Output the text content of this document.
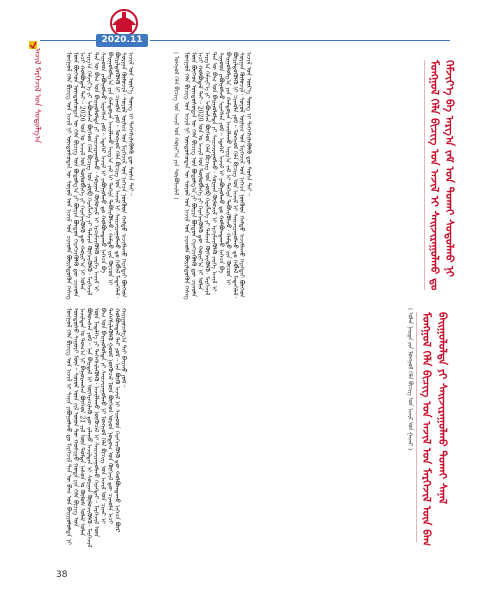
2020.11
ᠠᠵᠢᠯ ᠮᠡᠷᠭᠡᠵᠢᠯ ᠤᠨ ᠰᠤᠳᠤᠯᠭ᠎ᠠ	ᠮᠣᠩᠭᠣᠯ ᠬᠡᠯᠡ ᠪᠢᠴᠢᠭ ᠤᠨ ᠠᠵᠢᠯ ᠨᠢ ᠦᠨᠳᠦᠰᠦᠲᠡᠨ ᠦ ᠰᠣᠶᠣᠯ ᠤᠨ ᠠᠵᠢᠯ ᠤᠨ ᠴᠢᠬᠤᠯᠠ ᠪᠦᠷᠢᠯᠳᠦᠬᠦᠨ ᠬᠡᠰᠡᠭ ᠮᠥᠨ ᠪᠥᠭᠡᠳ ᠦᠨᠳᠦᠰᠦᠲᠡᠨ ᠦ ᠬᠡᠯᠡ ᠪᠢᠴᠢᠭ ᠤᠨ ᠪᠣᠳᠤᠯᠭ᠎ᠠ ᠶᠢ ᠪᠦᠷᠢᠨ ᠪᠦᠲᠦᠨ ᠬᠡᠷᠡᠭᠵᠢᠭᠦᠯᠬᠦ ᠳᠦ ᠴᠢᠬᠤᠯᠠ ᠠᠴᠢ ᠬᠣᠯᠪᠣᠳᠠᠯ ᠲᠠᠢ᠃ 2020 ᠣᠨ ᠤ ᠠᠵᠢᠯ ᠤᠨ ᠲᠥᠯᠦᠪᠯᠡᠭᠡ ᠶᠢ ᠬᠡᠷᠡᠭᠵᠢᠭᠦᠯᠬᠦ ᠳᠦ ᠬᠣᠷᠢᠶ᠎ᠠ ᠨᠢ ᠣᠯᠠᠨ ᠠᠷᠭ᠎ᠠ ᠬᠡᠮᠵᠢᠶ᠎ᠡ ᠶᠢ ᠠᠪᠤᠭᠰᠠᠨ ᠪᠥᠭᠡᠳ ᠬᠡᠯᠡ ᠪᠢᠴᠢᠭ ᠤᠨ ᠵᠥᠪ ᠬᠡᠷᠡᠭᠯᠡᠭᠡ ᠶᠢ ᠳᠡᠮᠵᠢᠨ ᠬᠥᠭᠵᠢᠭᠦᠯᠬᠦ᠂ ᠮᠡᠷᠭᠡᠵᠢᠯ ᠲᠡᠨ ᠦ ᠪᠠᠭ ᠤᠨ ᠪᠠᠢᠭᠤᠯᠤᠯᠲᠠ ᠶᠢ ᠰᠠᠢᠵᠢᠷᠠᠭᠤᠯᠬᠤ᠂ ᠰᠤᠷᠭᠠᠨ ᠬᠦᠮᠦᠵᠢᠯ ᠢ ᠡᠷᠴᠢᠮᠵᠢᠭᠦᠯᠬᠦ ᠵᠡᠷᠭᠡ ᠠᠵᠢᠯ ᠢ ᠰᠢᠭᠤᠳ ᠶᠠᠪᠤᠭᠤᠯᠵᠤ ᠢᠷᠡᠭᠰᠡᠨ ᠶᠤᠮ᠃ ᠡᠳᠡᠭᠡᠷ ᠠᠵᠢᠯ ᠢ ᠶᠠᠪᠤᠭᠤᠯᠬᠤ ᠳᠤ ᠬᠣᠯᠪᠣᠭᠳᠠᠬᠤ ᠨᠡᠭᠡᠴᠡ ᠪᠠ ᠪᠠᠢᠭᠤᠯᠤᠯᠭ᠎ᠠ ᠶᠢᠨ ᠬᠠᠮᠲᠤᠷᠠᠨ ᠠᠵᠢᠯᠯᠠᠬᠤ ᠠᠷᠭ᠎ᠠ ᠵᠠᠮ ᠢ ᠳᠡᠭᠡᠷᠡ ᠳᠡᠪᠰᠢᠭᠦᠯᠵᠦ᠂ ᠬᠠᠮᠲᠤ ᠶᠢᠨ ᠬᠦᠴᠦᠨ ᠢ ᠪᠦᠷᠢᠯᠳᠦᠭᠦᠯᠬᠦ ᠨᠢ ᠴᠢᠬᠤᠯᠠ ᠶᠤᠮ᠃ ᠮᠣᠩᠭᠣᠯ ᠬᠡᠯᠡ ᠪᠢᠴᠢᠭ ᠤᠨ ᠠᠵᠢᠯ ᠢ ᠰᠠᠢᠵᠢᠷᠠᠭᠤᠯᠬᠤ ᠳᠤ ᠬᠡᠪᠯᠡᠯ ᠮᠡᠳᠡᠭᠡᠯᠡᠯ᠂ ᠰᠤᠷᠭᠠᠨ ᠬᠥᠮᠦᠵᠢᠯ᠂ ᠰᠣᠶᠣᠯ ᠤᠷᠯᠢᠭ ᠤᠨ ᠮᠡᠷᠭᠡᠵᠢᠯ ᠤᠨ ᠨᠡᠭᠡᠴᠡ ᠨᠦᠭᠦᠳ ᠬᠠᠮᠲᠤ ᠠᠵᠢᠯᠯᠠᠬᠤ ᠬᠡᠷᠡᠭᠲᠡᠢ ᠪᠥᠭᠡᠳ ᠠᠵᠢᠯ ᠤᠨ ᠦᠷ᠎ᠡ ᠳᠦᠩ ᠢ ᠳᠡᠭᠡᠭᠰᠢᠯᠡᠭᠦᠯᠬᠦ ᠳᠦ ᠲᠤᠰᠠ ᠲᠠᠢ᠃	( ᠮᠣᠩᠭᠣᠯ ᠬᠡᠯᠡ ᠪᠢᠴᠢᠭ ᠤᠨ ᠠᠵᠢᠯ ᠤᠨ ᠬᠣᠷᠢᠶ᠎ᠠ ᠶᠢᠨ ᠰᠤᠷᠪᠤᠯᠵᠢᠯᠠᠯ ) ᠮᠣᠩᠭᠣᠯ ᠬᠡᠯᠡ ᠪᠢᠴᠢᠭ ᠤᠨ ᠠᠵᠢᠯ ᠨᠢ ᠦᠨᠳᠦᠰᠦᠲᠡᠨ ᠦ ᠰᠣᠶᠣᠯ ᠤᠨ ᠠᠵᠢᠯ ᠤᠨ ᠴᠢᠬᠤᠯᠠ ᠪᠦᠷᠢᠯᠳᠦᠬᠦᠨ ᠬᠡᠰᠡᠭ ᠮᠥᠨ ᠪᠥᠭᠡᠳ ᠦᠨᠳᠦᠰᠦᠲᠡᠨ ᠦ ᠬᠡᠯᠡ ᠪᠢᠴᠢᠭ ᠤᠨ ᠪᠣᠳᠤᠯᠭ᠎ᠠ ᠶᠢ ᠪᠦᠷᠢᠨ ᠪᠦᠲᠦᠨ ᠬᠡᠷᠡᠭᠵᠢᠭᠦᠯᠬᠦ ᠳᠦ ᠴᠢᠬᠤᠯᠠ ᠠᠴᠢ ᠬᠣᠯᠪᠣᠳᠠᠯ ᠲᠠᠢ᠃ 2020 ᠣᠨ ᠤ ᠠᠵᠢᠯ ᠤᠨ ᠲᠥᠯᠦᠪᠯᠡᠭᠡ ᠶᠢ ᠬᠡᠷᠡᠭᠵᠢᠭᠦᠯᠬᠦ ᠳᠦ ᠬᠣᠷᠢᠶ᠎ᠠ ᠨᠢ ᠣᠯᠠᠨ ᠠᠷᠭ᠎ᠠ ᠬᠡᠮᠵᠢᠶ᠎ᠡ ᠶᠢ ᠠᠪᠤᠭᠰᠠᠨ ᠪᠥᠭᠡᠳ ᠬᠡᠯᠡ ᠪᠢᠴᠢᠭ ᠤᠨ ᠵᠥᠪ ᠬᠡᠷᠡᠭᠯᠡᠭᠡ ᠶᠢ ᠳᠡᠮᠵᠢᠨ ᠬᠥᠭᠵᠢᠭᠦᠯᠬᠦ᠂ ᠮᠡᠷᠭᠡᠵᠢᠯ ᠲᠡᠨ ᠦ ᠪᠠᠭ ᠤᠨ ᠪᠠᠢᠭᠤᠯᠤᠯᠲᠠ ᠶᠢ ᠰᠠᠢᠵᠢᠷᠠᠭᠤᠯᠬᠤ᠂ ᠰᠤᠷᠭᠠᠨ ᠬᠦᠮᠦᠵᠢᠯ ᠢ ᠡᠷᠴᠢᠮᠵᠢᠭᠦᠯᠬᠦ ᠵᠡᠷᠭᠡ ᠠᠵᠢᠯ ᠢ ᠰᠢᠭᠤᠳ ᠶᠠᠪᠤᠭᠤᠯᠵᠤ ᠢᠷᠡᠭᠰᠡᠨ ᠶᠤᠮ᠃ ᠡᠳᠡᠭᠡᠷ ᠠᠵᠢᠯ ᠢ ᠶᠠᠪᠤᠭᠤᠯᠬᠤ ᠳᠤ ᠬᠣᠯᠪᠣᠭᠳᠠᠬᠤ ᠨᠡᠭᠡᠴᠡ ᠪᠠ ᠪᠠᠢᠭᠤᠯᠤᠯᠭ᠎ᠠ ᠶᠢᠨ ᠬᠠᠮᠲᠤᠷᠠᠨ ᠠᠵᠢᠯᠯᠠᠬᠤ ᠠᠷᠭ᠎ᠠ ᠵᠠᠮ ᠢ ᠳᠡᠭᠡᠷᠡ ᠳᠡᠪᠰᠢᠭᠦᠯᠵᠦ᠂ ᠬᠠᠮᠲᠤ ᠶᠢᠨ ᠬᠦᠴᠦᠨ ᠢ ᠪᠦᠷᠢᠯᠳᠦᠭᠦᠯᠬᠦ ᠨᠢ ᠴᠢᠬᠤᠯᠠ ᠶᠤᠮ᠃ ᠮᠣᠩᠭᠣᠯ ᠬᠡᠯᠡ ᠪᠢᠴᠢᠭ ᠤᠨ ᠠᠵᠢᠯ ᠢ ᠰᠠᠢᠵᠢᠷᠠᠭᠤᠯᠬᠤ ᠳᠤ ᠬᠡᠪᠯᠡᠯ ᠮᠡᠳᠡᠭᠡᠯᠡᠯ᠂ ᠰᠤᠷᠭᠠᠨ ᠬᠥᠮᠦᠵᠢᠯ᠂ ᠰᠣᠶᠣᠯ ᠤᠷᠯᠢᠭ ᠤᠨ ᠮᠡᠷᠭᠡᠵᠢᠯ ᠤᠨ ᠨᠡᠭᠡᠴᠡ ᠨᠦᠭᠦᠳ ᠬᠠᠮᠲᠤ ᠠᠵᠢᠯᠯᠠᠬᠤ ᠬᠡᠷᠡᠭᠲᠡᠢ ᠪᠥᠭᠡᠳ ᠠᠵᠢᠯ ᠤᠨ ᠦᠷ᠎ᠡ ᠳᠦᠩ ᠢ ᠳᠡᠭᠡᠭᠰᠢᠯᠡᠭᠦᠯᠬᠦ ᠳᠦ ᠲᠤᠰᠠ ᠲᠠᠢ᠃	ᠮᠣᠩᠭᠣᠯ ᠬᠡᠯᠡ ᠪᠢᠴᠢᠭ ᠤᠨ ᠠᠵᠢᠯ ᠢ ᠰᠠᠢᠵᠢᠷᠠᠭᠤᠯᠬᠤ ᠳᠤ
ᠬᠡᠮᠵᠢᠶ᠎ᠡ ᠪᠠ ᠠᠷᠭ᠎ᠠ ᠵᠠᠮ ᠤᠨ ᠲᠤᠬᠠᠢ ᠰᠤᠳᠤᠯᠬᠤ ᠨᠢ
ᠮᠣᠩᠭᠣᠯ ᠬᠡᠯᠡ ᠪᠢᠴᠢᠭ ᠤᠨ ᠠᠵᠢᠯ ᠢ ᠰᠠᠢᠨ ᠶᠠᠪᠤᠭᠤᠯᠬᠤ ᠳᠤ ᠮᠡᠷᠭᠡᠵᠢᠯ ᠲᠡᠨ ᠦ ᠪᠠᠭ ᠤᠨ ᠪᠠᠢᠭᠤᠯᠤᠯᠲᠠ ᠨᠢ ᠦᠨᠳᠦᠰᠦ ᠰᠠᠭᠤᠷᠢ ᠮᠥᠨ᠃ ᠰᠦᠦᠯ ᠦᠨ ᠵᠢᠯ ᠦᠳ ᠲᠦ ᠬᠣᠰᠢᠭᠤ ᠬᠣᠲᠠ ᠶᠢᠨ ᠬᠡᠯᠡ ᠪᠢᠴᠢᠭ ᠤᠨ ᠠᠵᠢᠯᠲᠠᠨ ᠤ ᠲᠣᠭ᠎ᠠ ᠨᠢ ᠪᠠᠭᠤᠷᠠᠭᠰᠠᠨ ᠪᠥᠭᠡᠳ 21 ᠵᠢᠯ ᠦᠨ ᠳᠤᠮᠳᠠ ᠨᠠᠰᠤᠨ ᠤ ᠬᠦᠮᠦᠰ ᠤᠯᠠᠮ ᠣᠯᠠᠨ ᠪᠣᠯᠤᠭᠰᠠᠨ ᠶᠤᠮ᠃ ᠡᠨᠡ ᠪᠠᠢᠳᠠᠯ ᠢ ᠥᠭᠡᠷᠡᠴᠢᠯᠡᠬᠦ ᠳᠦ ᠵᠠᠯᠠᠭᠤ ᠠᠵᠢᠯᠲᠠᠨ ᠢ ᠰᠤᠷᠭᠠᠨ ᠬᠦᠮᠦᠵᠢᠭᠦᠯᠬᠦ᠂ ᠮᠡᠷᠭᠡᠵᠢᠯ ᠦᠨ ᠮᠡᠳᠡᠯᠭᠡ ᠶᠢ ᠳᠡᠭᠡᠭᠰᠢᠯᠡᠭᠦᠯᠬᠦ᠂ ᠠᠵᠢᠯᠯᠠᠬᠤ ᠨᠥᠬᠥᠴᠡᠯ ᠢ ᠰᠠᠢᠵᠢᠷᠠᠭᠤᠯᠬᠤ ᠬᠡᠷᠡᠭᠲᠡᠢ᠃ ᠮᠡᠷᠭᠡᠵᠢᠯ ᠦᠨ ᠪᠠᠭ ᠤᠨ ᠪᠠᠢᠭᠤᠯᠤᠯᠲᠠ ᠶᠢ ᠰᠠᠢᠵᠢᠷᠠᠭᠤᠯᠬᠤ ᠨᠢ ᠮᠣᠩᠭᠣᠯ ᠬᠡᠯᠡ ᠪᠢᠴᠢᠭ ᠤᠨ ᠠᠵᠢᠯ ᠤᠨ ᠴᠢᠨᠠᠷ ᠢ ᠳᠡᠭᠡᠭᠰᠢᠯᠡᠭᠦᠯᠬᠦ ᠭᠣᠣᠯ ᠨᠥᠬᠥᠴᠡᠯ ᠮᠥᠨ ᠪᠥᠭᠡᠳ ᠣᠷᠣᠨ ᠨᠤᠲᠤᠭ ᠤᠨ ᠬᠥᠭᠵᠢᠯ ᠳᠦ ᠴᠢᠬᠤᠯᠠ ᠠᠴᠢ ᠬᠣᠯᠪᠣᠭᠳᠠᠯ ᠲᠠᠢ ᠶᠤᠮ᠃ ᠡᠨᠡ ᠪᠦᠬᠦ ᠠᠵᠢᠯ ᠢ ᠰᠢᠭᠤᠳ ᠬᠡᠷᠡᠭᠵᠢᠭᠦᠯᠬᠦ ᠳᠦ ᠬᠣᠯᠪᠣᠭᠳᠠᠬᠤ ᠨᠡᠭᠡᠴᠡ ᠪᠦᠷ ᠬᠠᠷᠢᠭᠤᠴᠠᠯᠭ᠎ᠠ ᠲᠠᠢ ᠪᠠᠢᠬᠤ ᠶᠤᠮ᠃	( ᠣᠯᠠᠨ ᠨᠡᠢᠲᠡ ᠶᠢᠨ ᠮᠣᠩᠭᠣᠯ ᠬᠡᠯᠡ ᠪᠢᠴᠢᠭ ᠤᠨ ᠠᠵᠢᠯ ᠤᠨ ᠭᠠᠵᠠᠷ ) ᠮᠣᠩᠭᠣᠯ ᠬᠡᠯᠡ ᠪᠢᠴᠢᠭ ᠤᠨ ᠠᠵᠢᠯ ᠤᠨ ᠮᠡᠷᠭᠡᠵᠢᠯ ᠦᠨ ᠪᠠᠭ
ᠪᠠᠢᠭᠤᠯᠤᠯᠲᠠ ᠶᠢ ᠰᠠᠢᠵᠢᠷᠠᠭᠤᠯᠬᠤ ᠲᠤᠬᠠᠢ ᠰᠠᠨᠠᠯ
38
